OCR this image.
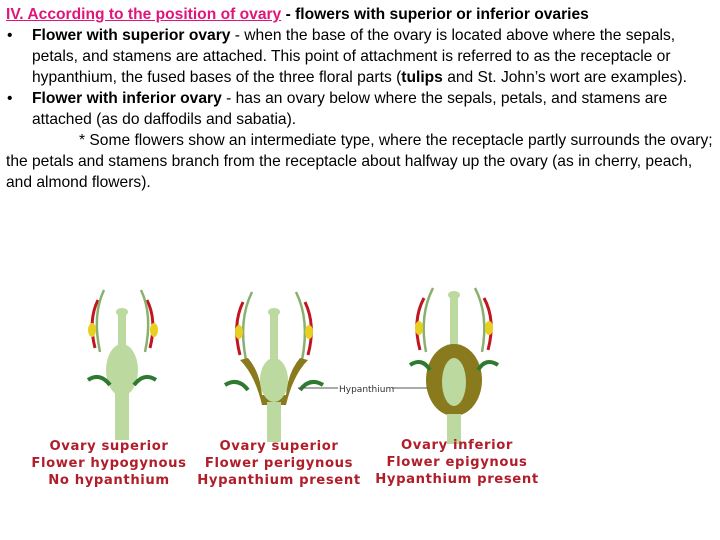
IV. According to the position of ovary - flowers with superior or inferior ovaries
• Flower with superior ovary - when the base of the ovary is located above where the sepals, petals, and stamens are attached. This point of attachment is referred to as the receptacle or hypanthium, the fused bases of the three floral parts (tulips and St. John’s wort are examples).
• Flower with inferior ovary - has an ovary below where the sepals, petals, and stamens are attached (as do daffodils and sabatia).
* Some flowers show an intermediate type, where the receptacle partly surrounds the ovary; the petals and stamens branch from the receptacle about halfway up the ovary (as in cherry, peach, and almond flowers).
Hypanthium
Ovary superior
Flower hypogynous
No hypanthium
Ovary superior
Flower perigynous
Hypanthium present
Ovary inferior
Flower epigynous
Hypanthium present
